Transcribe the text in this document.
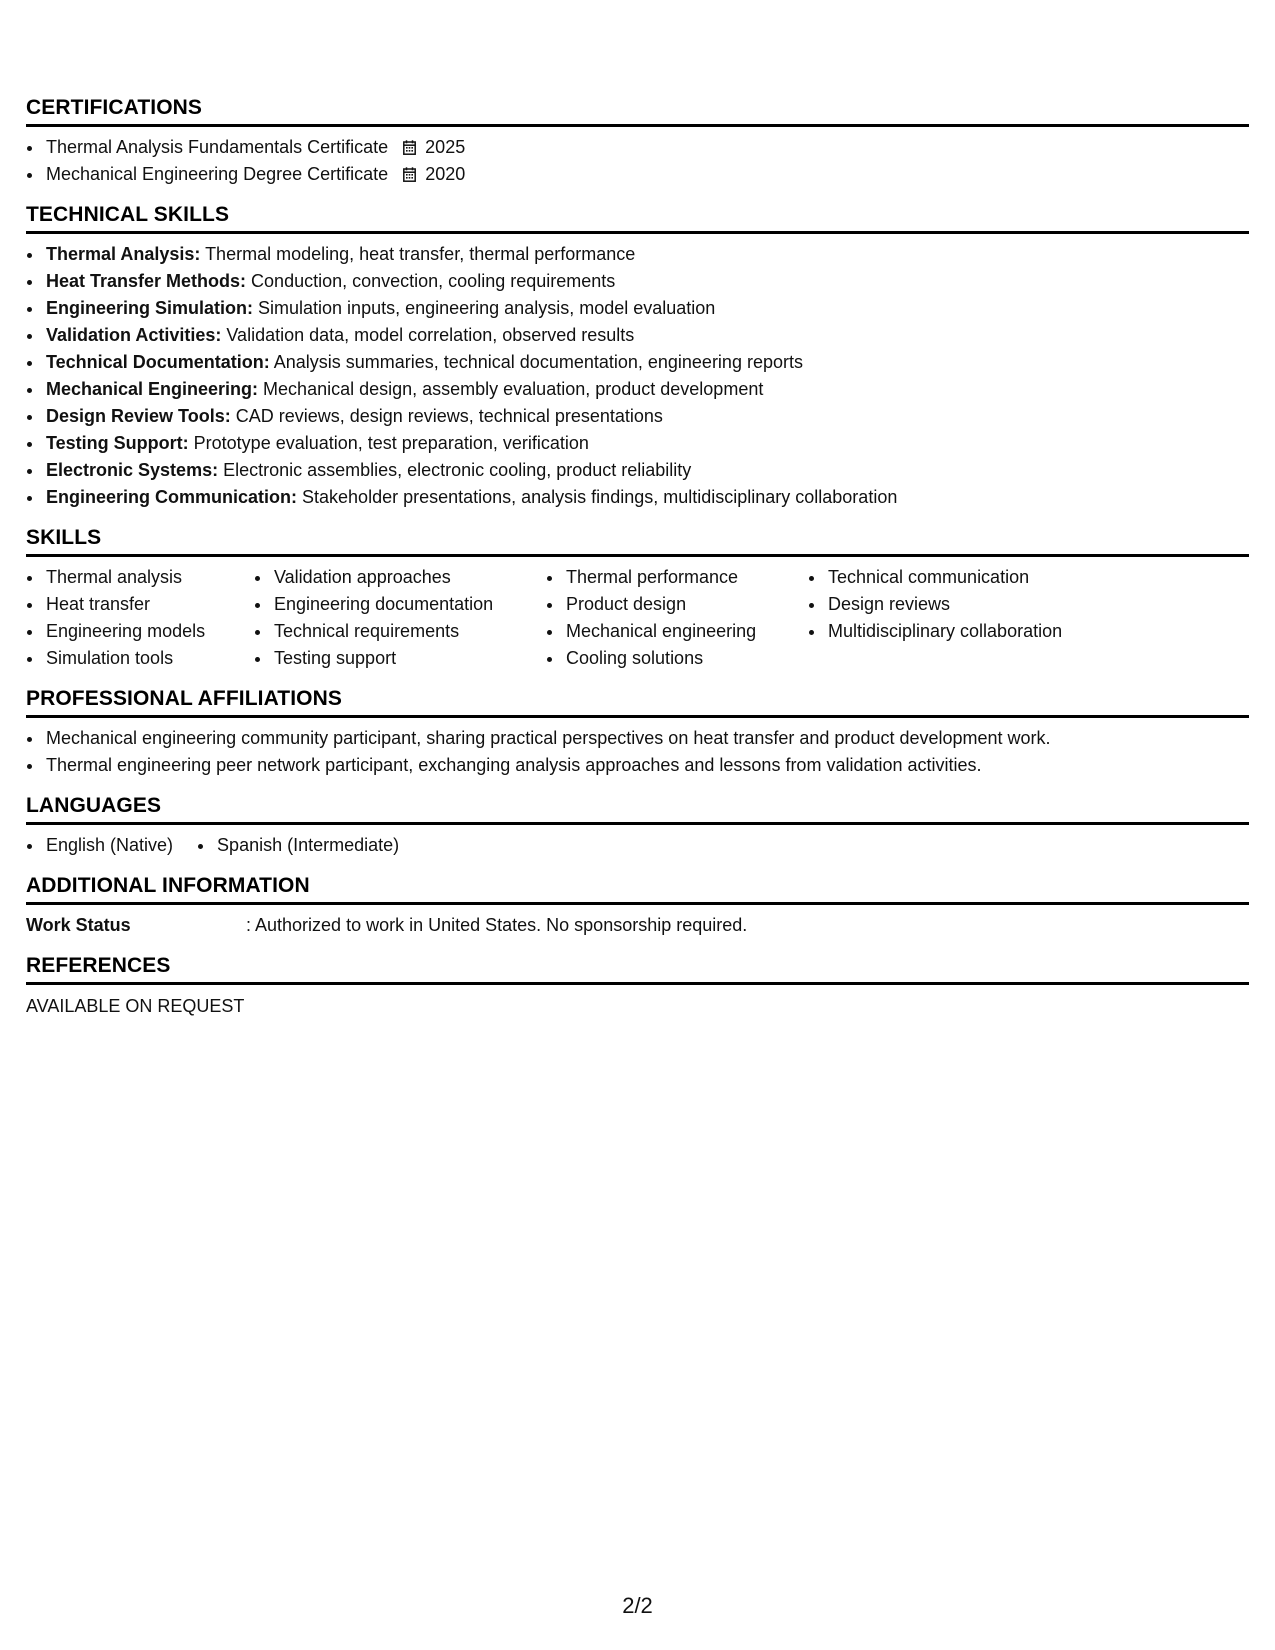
CERTIFICATIONS
• Thermal Analysis Fundamentals Certificate 2025
• Mechanical Engineering Degree Certificate 2020
TECHNICAL SKILLS
• Thermal Analysis: Thermal modeling, heat transfer, thermal performance
• Heat Transfer Methods: Conduction, convection, cooling requirements
• Engineering Simulation: Simulation inputs, engineering analysis, model evaluation
• Validation Activities: Validation data, model correlation, observed results
• Technical Documentation: Analysis summaries, technical documentation, engineering reports
• Mechanical Engineering: Mechanical design, assembly evaluation, product development
• Design Review Tools: CAD reviews, design reviews, technical presentations
• Testing Support: Prototype evaluation, test preparation, verification
• Electronic Systems: Electronic assemblies, electronic cooling, product reliability
• Engineering Communication: Stakeholder presentations, analysis findings, multidisciplinary collaboration
SKILLS
• Thermal analysis
• Heat transfer
• Engineering models
• Simulation tools
• Validation approaches
• Engineering documentation
• Technical requirements
• Testing support
• Thermal performance
• Product design
• Mechanical engineering
• Cooling solutions
• Technical communication
• Design reviews
• Multidisciplinary collaboration
PROFESSIONAL AFFILIATIONS
• Mechanical engineering community participant, sharing practical perspectives on heat transfer and product development work.
• Thermal engineering peer network participant, exchanging analysis approaches and lessons from validation activities.
LANGUAGES
• English (Native)
• Spanish (Intermediate)
ADDITIONAL INFORMATION
Work Status	: Authorized to work in United States. No sponsorship required.
REFERENCES
AVAILABLE ON REQUEST
2/2
